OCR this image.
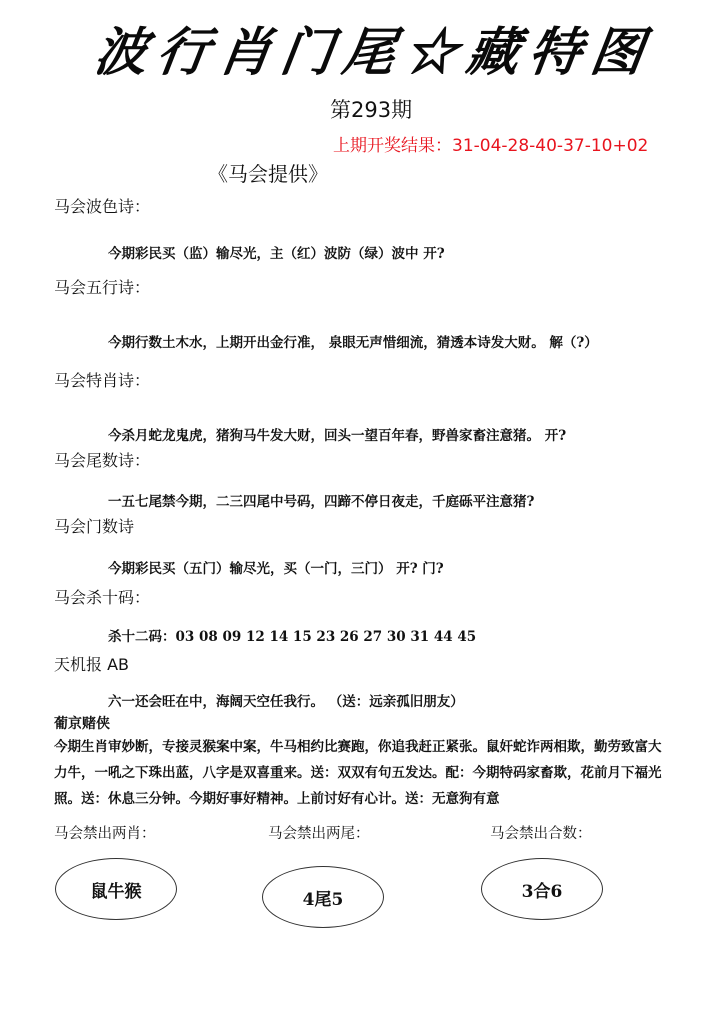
波行肖门尾☆藏特图
第293期
上期开奖结果：31-04-28-40-37-10+02
《马会提供》
马会波色诗：
今期彩民买（监）输尽光，主（红）波防（绿）波中 开?
马会五行诗：
今期行数土木水，上期开出金行准， 泉眼无声惜细流，猜透本诗发大财。 解（?）
马会特肖诗：
今杀月蛇龙鬼虎，猪狗马牛发大财，回头一望百年春，野兽家畜注意猪。 开?
马会尾数诗：
一五七尾禁今期，二三四尾中号码，四蹄不停日夜走，千庭砾平注意猪?
马会门数诗
今期彩民买（五门）输尽光，买（一门，三门） 开? 门?
马会杀十码：
杀十二码：03 08 09 12 14 15 23 26 27 30 31 44 45
天机报 AB
六一还会旺在中，海阔天空任我行。 （送：远亲孤旧朋友）
葡京赌侠
今期生肖审妙断，专接灵猴案中案，牛马相约比赛跑，你追我赶正紧张。鼠奸蛇诈两相欺，勤劳致富大力牛，一吼之下珠出蓝，八字是双喜重来。送：双双有句五发达。配：今期特码家畜欺，花前月下福光照。送：休息三分钟。今期好事好精神。上前讨好有心计。送：无意狗有意
马会禁出两肖：	马会禁出两尾：	马会禁出合数：
鼠牛猴	4尾5	3合6
